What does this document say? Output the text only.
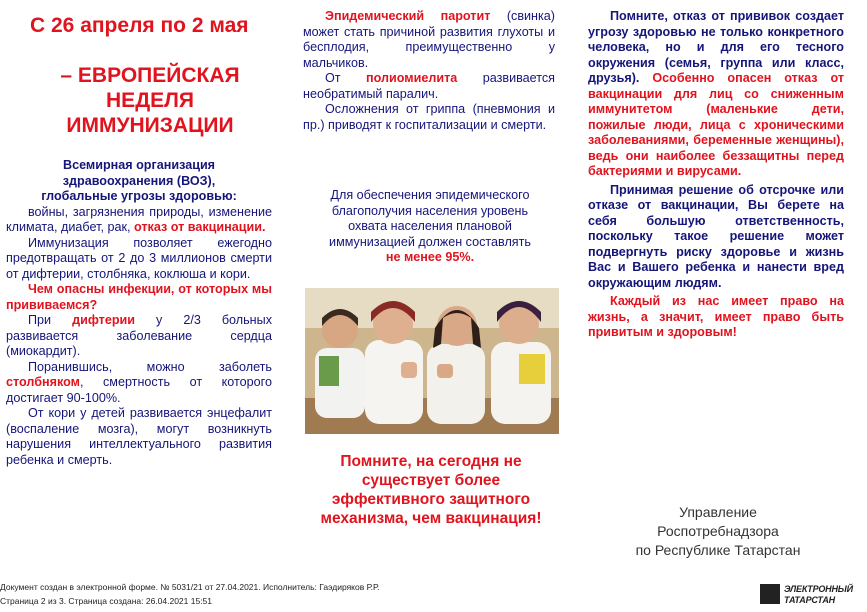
С 26 апреля по 2 мая
– ЕВРОПЕЙСКАЯ
НЕДЕЛЯ
ИММУНИЗАЦИИ

Всемирная организация здравоохранения (ВОЗ), глобальные угрозы здоровью:

войны, загрязнения природы, изменение климата, диабет, рак, отказ от вакцинации.

Иммунизация позволяет ежегодно предотвращать от 2 до 3 миллионов смерти от дифтерии, столбняка, коклюша и кори.

Чем опасны инфекции, от которых мы прививаемся?

При дифтерии у 2/3 больных развивается заболевание сердца (миокардит).

Поранившись, можно заболеть столбняком, смертность от которого достигает 90-100%.

От кори у детей развивается энцефалит (воспаление мозга), могут возникнуть нарушения интеллектуального развития ребенка и смерть.

Эпидемический паротит (свинка) может стать причиной развития глухоты и бесплодия, преимущественно у мальчиков.

От полиомиелита развивается необратимый паралич.

Осложнения от гриппа (пневмония и пр.) приводят к госпитализации и смерти.

Для обеспечения эпидемического благополучия населения уровень охвата населения плановой иммунизацией должен составлять

не менее 95%.

Помните, на сегодня не существует более эффективного защитного механизма, чем вакцинация!

Помните, отказ от прививок создает угрозу здоровью не только конкретного человека, но и для его тесного окружения (семья, группа или класс, друзья). Особенно опасен отказ от вакцинации для лиц со сниженным иммунитетом (маленькие дети, пожилые люди, лица с хроническими заболеваниями, беременные женщины), ведь они наиболее беззащитны перед бактериями и вирусами.

Принимая решение об отсрочке или отказе от вакцинации, Вы берете на себя большую ответственность, поскольку такое решение может подвергнуть риску здоровье и жизнь Вас и Вашего ребенка и нанести вред окружающим людям.

Каждый из нас имеет право на жизнь, а значит, имеет право быть привитым и здоровым!

Управление
Роспотребнадзора
по Республике Татарстан
Документ создан в электронной форме. № 5031/21 от 27.04.2021. Исполнитель: Гаэдиряков Р.Р.
Страница 2 из 3. Страница создана: 26.04.2021 15:51
ЭЛЕКТРОННЫЙ
ТАТАРСТАН
